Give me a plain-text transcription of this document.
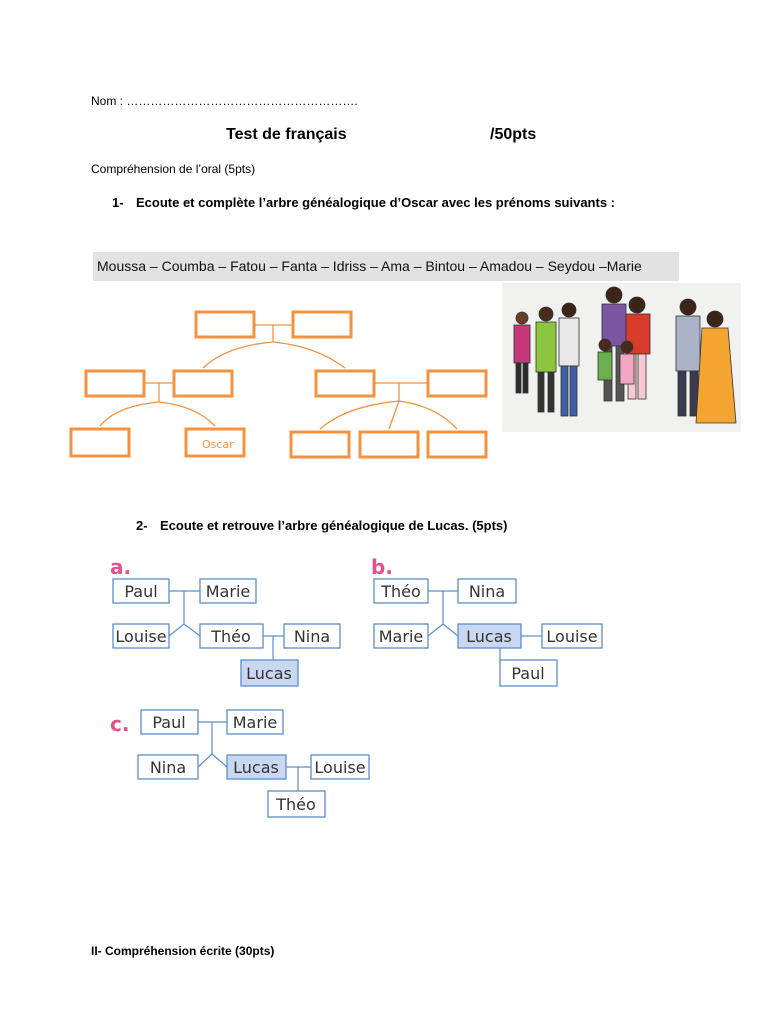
Nom : ………………………………………………….
Test de français	/50pts
Compréhension de l’oral (5pts)
1- Ecoute et complète l’arbre généalogique d’Oscar avec les prénoms suivants :
Moussa – Coumba – Fatou – Fanta – Idriss – Ama – Bintou – Amadou – Seydou –Marie
Oscar
2- Ecoute et retrouve l’arbre généalogique de Lucas. (5pts)
a.
Paul	Marie
Louise	Théo	Nina
Lucas
b.
Théo	Nina
Marie	Lucas Louise
Paul
c. Paul	Marie
Nina	Lucas Louise
Théo
II- Compréhension écrite (30pts)
